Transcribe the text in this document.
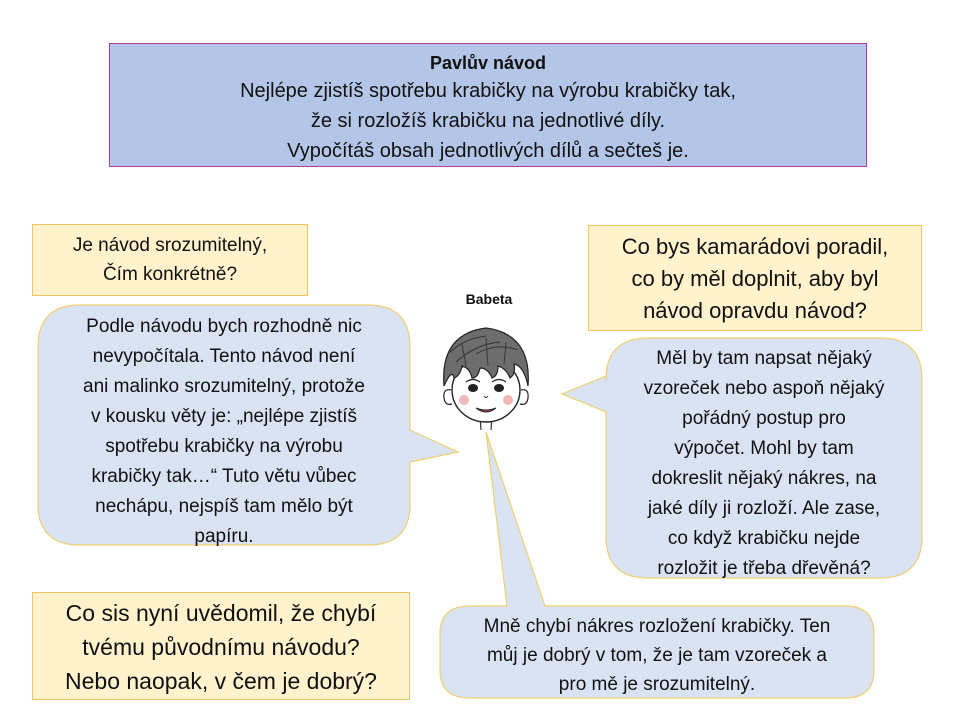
Pavlův návod
Nejlépe zjistíš spotřebu krabičky na výrobu krabičky tak,
že si rozložíš krabičku na jednotlivé díly.
Vypočítáš obsah jednotlivých dílů a sečteš je.
Je návod srozumitelný,
Čím konkrétně?
Co bys kamarádovi poradil,
co by měl doplnit, aby byl
návod opravdu návod?
Co sis nyní uvědomil, že chybí
tvému původnímu návodu?
Nebo naopak, v čem je dobrý?
Babeta
Podle návodu bych rozhodně nic
nevypočítala. Tento návod není
ani malinko srozumitelný, protože
v kousku věty je: „nejlépe zjistíš
spotřebu krabičky na výrobu
krabičky tak…“ Tuto větu vůbec
nechápu, nejspíš tam mělo být
papíru.
Měl by tam napsat nějaký
vzoreček nebo aspoň nějaký
pořádný postup pro
výpočet. Mohl by tam
dokreslit nějaký nákres, na
jaké díly ji rozloží. Ale zase,
co když krabičku nejde
rozložit je třeba dřevěná?
Mně chybí nákres rozložení krabičky. Ten
můj je dobrý v tom, že je tam vzoreček a
pro mě je srozumitelný.
